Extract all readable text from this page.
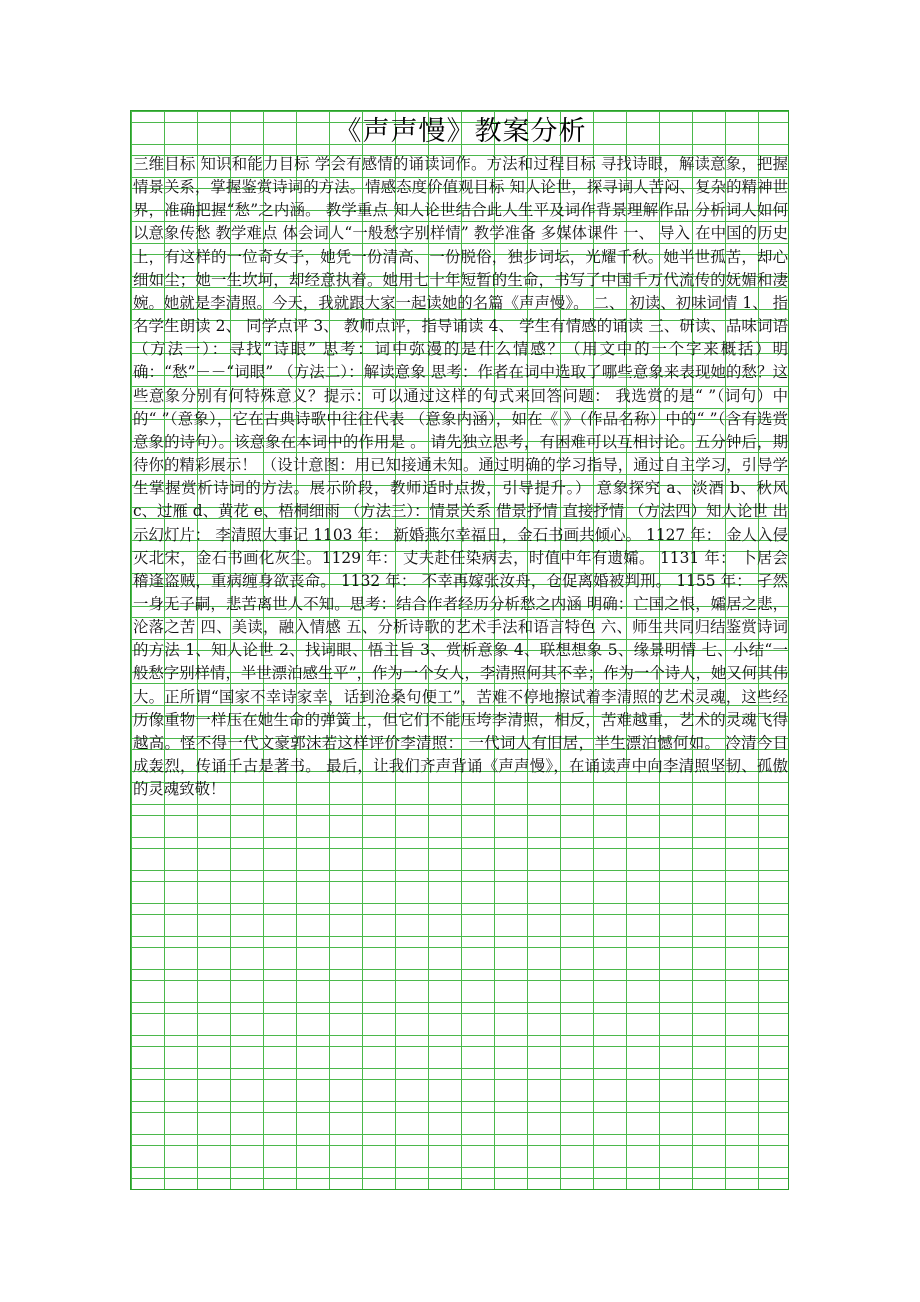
《声声慢》教案分析

三维目标 知识和能力目标 学会有感情的诵读词作。方法和过程目标 寻找诗眼，解读意象，把握情景关系，掌握鉴赏诗词的方法。情感态度价值观目标 知人论世，探寻词人苦闷、复杂的精神世界，准确把握“愁”之内涵。 教学重点 知人论世结合此人生平及词作背景理解作品 分析词人如何以意象传愁 教学难点 体会词人“一般愁字别样情” 教学准备 多媒体课件 一、 导入 在中国的历史上，有这样的一位奇女子，她凭一份清高、一份脱俗，独步词坛，光耀千秋。她半世孤苦，却心细如尘；她一生坎坷，却经意执着。她用七十年短暂的生命，书写了中国千万代流传的妩媚和凄婉。她就是李清照。今天，我就跟大家一起读她的名篇《声声慢》。 二、 初读、初味词情 1、 指名学生朗读 2、 同学点评 3、 教师点评，指导诵读 4、 学生有情感的诵读 三、研读、品味词语 （方法一）：寻找“诗眼” 思考：词中弥漫的是什么情感？（用文中的一个字来概括）明确：“愁”－－“词眼” （方法二）：解读意象 思考：作者在词中选取了哪些意象来表现她的愁？这些意象分别有何特殊意义？提示：可以通过这样的句式来回答问题： 我选赏的是“ ”（词句）中的“ ”（意象），它在古典诗歌中往往代表 （意象内涵），如在《 》（作品名称）中的“ ”（含有选赏意象的诗句）。该意象在本词中的作用是 。 请先独立思考，有困难可以互相讨论。五分钟后，期待你的精彩展示！ （设计意图：用已知接通未知。通过明确的学习指导，通过自主学习，引导学生掌握赏析诗词的方法。展示阶段，教师适时点拨，引导提升。） 意象探究 a、淡酒 b、秋风 c、过雁 d、黄花 e、梧桐细雨 （方法三）：情景关系 借景抒情 直接抒情 （方法四）知人论世 出示幻灯片： 李清照大事记 1103 年： 新婚燕尔幸福日，金石书画共倾心。 1127 年： 金人入侵灭北宋，金石书画化灰尘。1129 年： 丈夫赴任染病去，时值中年有遗孀。 1131 年： 卜居会稽逢盗贼，重病缠身欲丧命。 1132 年： 不幸再嫁张汝舟，仓促离婚被判刑。 1155 年： 孑然一身无子嗣，悲苦离世人不知。思考：结合作者经历分析愁之内涵 明确：亡国之恨，孀居之悲，沦落之苦 四、美读，融入情感 五、分析诗歌的艺术手法和语言特色 六、师生共同归结鉴赏诗词的方法 1、知人论世 2、找词眼、悟主旨 3、赏析意象 4、联想想象 5、缘景明情 七、小结“一般愁字别样情，半世漂泊感生平”，作为一个女人，李清照何其不幸；作为一个诗人，她又何其伟大。正所谓“国家不幸诗家幸，话到沧桑句便工”，苦难不停地擦试着李清照的艺术灵魂，这些经历像重物一样压在她生命的弹簧上，但它们不能压垮李清照，相反，苦难越重，艺术的灵魂飞得越高。怪不得一代文豪郭沫若这样评价李清照： 一代词人有旧居，半生漂泊憾何如。 冷清今日成轰烈，传诵千古是著书。 最后，让我们齐声背诵《声声慢》，在诵读声中向李清照坚韧、孤傲的灵魂致敬！
